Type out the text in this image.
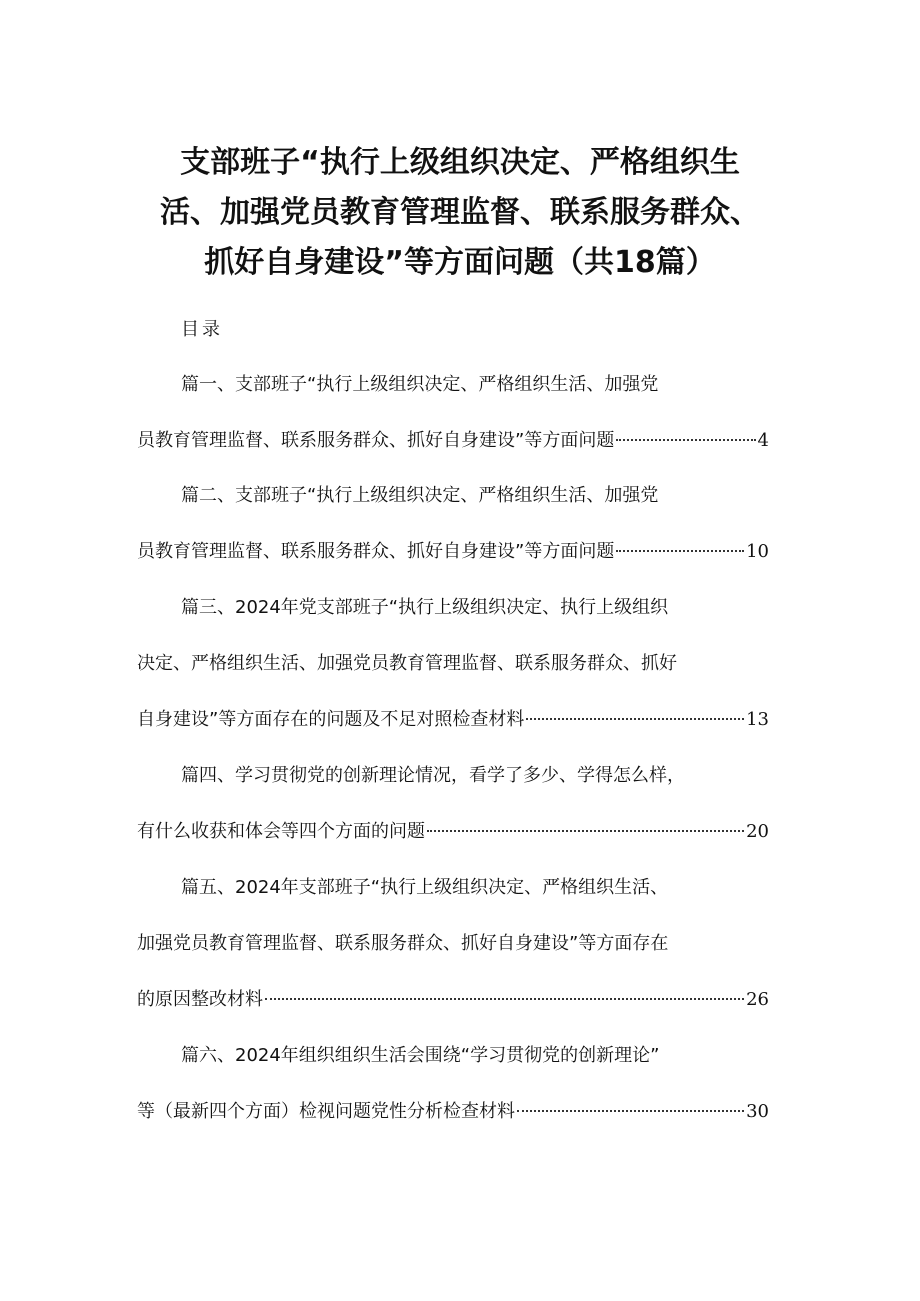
支部班子“执行上级组织决定、严格组织生
活、加强党员教育管理监督、联系服务群众、
抓好自身建设”等方面问题（共18篇）
目录
篇一、支部班子“执行上级组织决定、严格组织生活、加强党
员教育管理监督、联系服务群众、抓好自身建设”等方面问题	4
篇二、支部班子“执行上级组织决定、严格组织生活、加强党
员教育管理监督、联系服务群众、抓好自身建设”等方面问题	10
篇三、2024年党支部班子“执行上级组织决定、执行上级组织
决定、严格组织生活、加强党员教育管理监督、联系服务群众、抓好
自身建设”等方面存在的问题及不足对照检查材料	13
篇四、学习贯彻党的创新理论情况，看学了多少、学得怎么样，
有什么收获和体会等四个方面的问题	20
篇五、2024年支部班子“执行上级组织决定、严格组织生活、
加强党员教育管理监督、联系服务群众、抓好自身建设”等方面存在
的原因整改材料	26
篇六、2024年组织组织生活会围绕“学习贯彻党的创新理论”
等（最新四个方面）检视问题党性分析检查材料	30
